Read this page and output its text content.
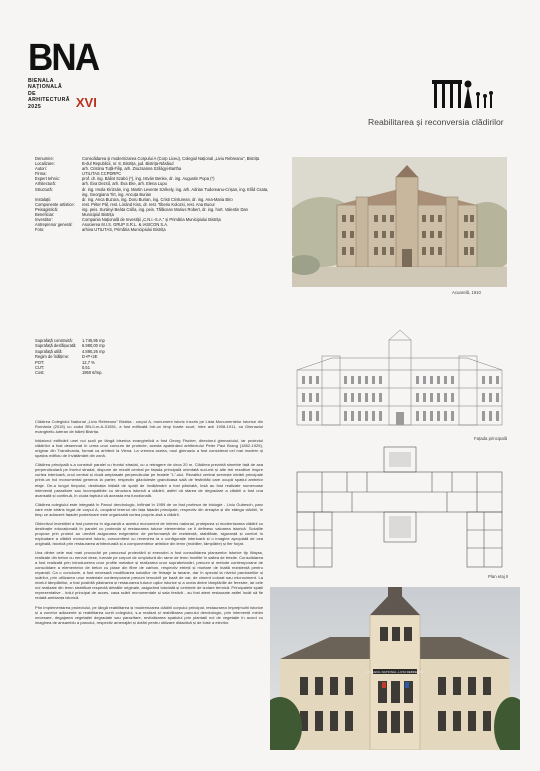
BNA
BIENALA
NAȚIONALĂ
DE
ARHITECTURĂ
2025	XVI
Reabilitarea și reconversia clădirilor
Denumire:	Consolidarea și modernizarea Corpului A (Corp Liceu), Colegiul Național „Liviu Rebreanu”, Bistrița
Localizare:	B-dul Republicii, nr. 8, Bistrița, jud. Bistrița-Năsăud
Autori:	arh. Cristina Tuță-Filip, arh. Zsuzsanna Szilágyi-Bartha
Firma:	UTILITAS CCPDRPC
Expert tehnic:	prof. dr. ing. Bálint Szabó (*), ing. István Benke, dr. ing. Augustin Popa (*)
Arhitectură:	arh. Éva Dezső, arh. Éva Eke, arh. Elena Lupu
Structură:	dr. ing. Imola Kirizsán, ing. Martin Levente Székely, ing. arh. Adrian Tudoreanu-Crișan, ing. Előd Csata, ing. Georgiana Tirt, ing. Ancuța Burian
Instalații:	dr. ing. Anca Buzura, ing. Doru Burian, ing. Cristi Cristurean, dr. ing. Ana-Maria Biro
Componente artistice:	rest. Péter Pál, rest. Lóránd Kiss, dr. rest. Tiberiu Kolozsi, rest. Ana Bucur
Peisagistică:	ing. peis. Surányi Beáta Csilla, ing. peis. Tălăcean Marius Robert, dr. ing. hort. Valentin Dan
Beneficiar:	Municipiul Bistrița
Investitor:	Compania Națională de Investiții „C.N.I.-S.A.” și Primăria Municipiului Bistrița
Antreprenor general:	Asocierea M.I.S. GRUP S.R.L. & IASICON S.A.
Foto:	arhiva UTILITAS, Primăria Municipiului Bistrița
Suprafață construită:	1.745,95 mp
Suprafață desfășurată:	6.980,00 mp
Suprafață utilă:	4.890,26 mp
Regim de înălțime:	D+P+2E
POT:	12,7 %
CUT:	0,51
Cost:	1950 €/mp.

Clădirea Colegiului Național „Liviu Rebreanu” Bistrița - corpul A, monument istoric înscris pe Lista Monumentelor Istorice din România (2015) cu codul BN-II-m-A-01551, a fost edificată într-un timp foarte scurt, între anii 1908-1911, ca Gimnaziul evanghelic-luteran de băieți Bistrița.

Inițiatorul edificării unei noi școli pe lângă biserica evanghelică a fost Georg Fischer, directorul gimnaziului, iar proiectul clădirilor a fost desemnat în urma unui concurs de proiecte, acesta aparținând arhitectului Peter Paul Brang (1852-1925), originar din Transilvania, format ca arhitect la Viena. La vremea aceea, noul gimnaziu a fost considerat cel mai modern și spațios edificiu de învățământ din zonă.

Clădirea principală s-a construit paralel cu frontul stradal, cu o retragere de circa 20 m. Clădirea prezintă simetrie față de axa perpendiculară pe frontul stradal, dispune de rezalit central pe fațada principală orientată sud-est și alte trei rezaliturі înspre curtea interioară, unul central și două amplasate perpendicular pe brațele "L"-ului. Rezalitul central servește intrării principale printr-un hol monumental generos la parter, respectiv găzduiește grandioasa sală de festivități care ocupă spațiul ambelor etaje. De-a lungul timpului, destinația inițială de spații de învățământ a fost păstrată, însă au fost realizate numeroase intervenții parazitare sau incompatibile cu structura istorică a clădirii, astfel că starea de degradare a clădirii a fost una avansată și continuă, în ciuda faptului că aceasta era funcțională.

Clădirea colegiului este integrată în Parcul dendrologic, înființat în 1959 de un fost profesor de biologie - Liviu Gubesch, parc care este strâns legat de corpul A, ocupând terenul din fața fațadei principale, respectiv din dreapta și din stânga clădirii, în timp ce adiacent fațadei posterioare este organizată curtea proprie-zisă a clădirii.

Obiectivul investiției a fost punerea în siguranță a acestui monument de interes național, protejarea și modernizarea clădirii cu destinație educațională în paralel cu protecția și restaurarea tuturor elementelor ce îi definesc valoarea istorică. Soluțiile propuse prin proiect au urmărit asigurarea exigențelor de performanță de rezistență, stabilitate, siguranță și confort în exploatare a clădirii monument istoric, concomitent cu revenirea la o configurație interioară și o imagine apropiată de cea originală, istorică prin restaurarea arhitecturală și a componentelor artistice din lemn (mobilier, tâmplărie) și fier forjat.

Una dintre cele mai mari provocări pe parcursul proiectării și execuției a fost consolidarea planșeelor istorice tip Wayss, realizate din beton cu nervuri dese, turnate pe corpuri de umplutură din rame de lemn învelite în saltea de trestie. Consolidarea a fost realizată prin introducerea unor profile metalice și realizarea unor suprabetonări, precum și metode contemporane de consolidare a elementelor de beton cu plase din fibre de carbon, respectiv etrieții și mortare de înaltă rezistență pentru reparații. Ca o concluzie, a fost necesară modificarea soluțiilor de finisaje la tavane, dar în special la nivelul pardoselilor și scărilor, prin utilizarea unor materiale contemporane precum tencuieli pe bază de var, de ciment colorat sau microciment. La nivelul tâmplăriilor, a fost posibilă păstrarea și restaurarea tuturor uşilor istorice și a uneia dintre tâmplăriile de ferestre, iar cele noi realizate din lemn stratificat respectă detaliile originale, asigurând totodată și cerințele de izolare termică. Principalele spații reprezentative - holul principal de acces, casa scării monumentale și sala festivă - au fost atent restaurate astfel încât să fie redată ambianța istorică.

Prin implementarea proiectului, pe lângă reabilitarea și modernizarea clădirii corpului principal, restaurarea împrejmuirii istorice și a zonelor adiacente și reabilitarea curții colegiului, s-a realizat și reabilitarea parcului dendrologic, prin intervenții minim necesare, degajarea vegetației degradate sau parazitare, revitalizarea spațiului prin plantații noi de vegetație în acord cu imaginea de ansamblu a parcului, respectiv amenajări și dotări pentru utilizare didactică și de loisir a elevilor.

Acuarelă, 1910
Fațada principală
Plan etaj II
COLEGIUL NAȚIONAL „LIVIU REBREANU”
